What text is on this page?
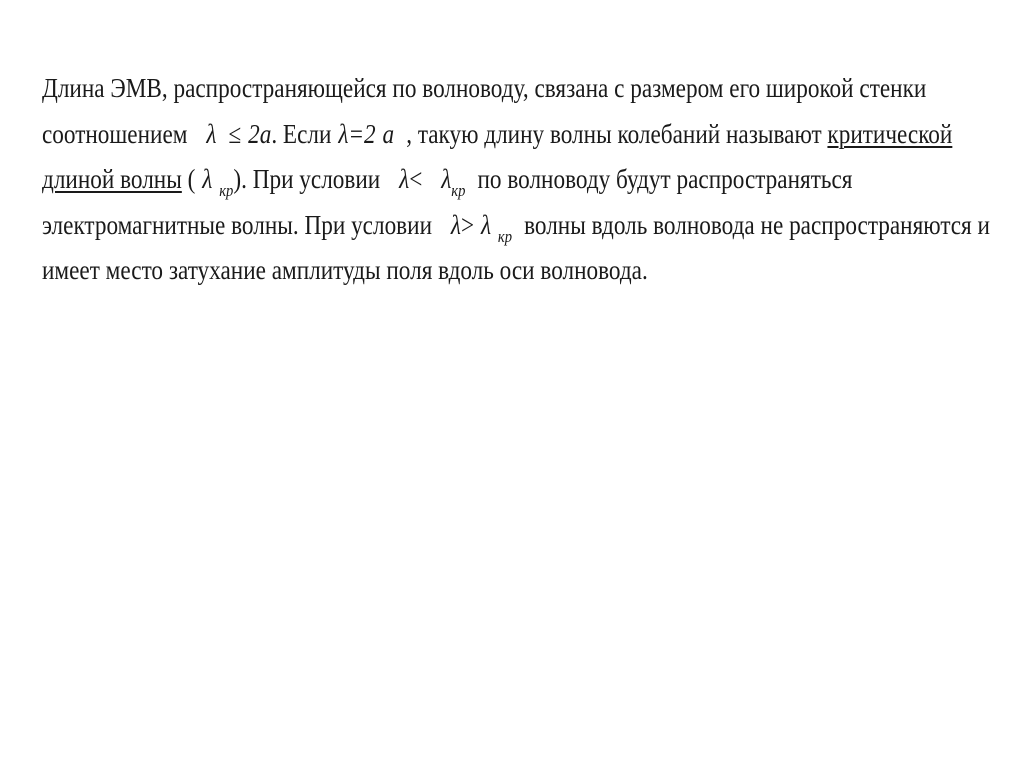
Длина ЭМВ, распространяющейся по волноводу, связана с размером его широкой стенки
соотношением λ ≤ 2a. Если λ=2 a , такую длину волны колебаний называют критической
длиной волны ( λ $_{кр}$). При условии $\lambda< \lambda_{кр}$ по волноводу будут распространяться
электромагнитные волны. При условии λ> λ $_{кр}$ волны вдоль волновода не распространяются и
имеет место затухание амплитуды поля вдоль оси волновода.
